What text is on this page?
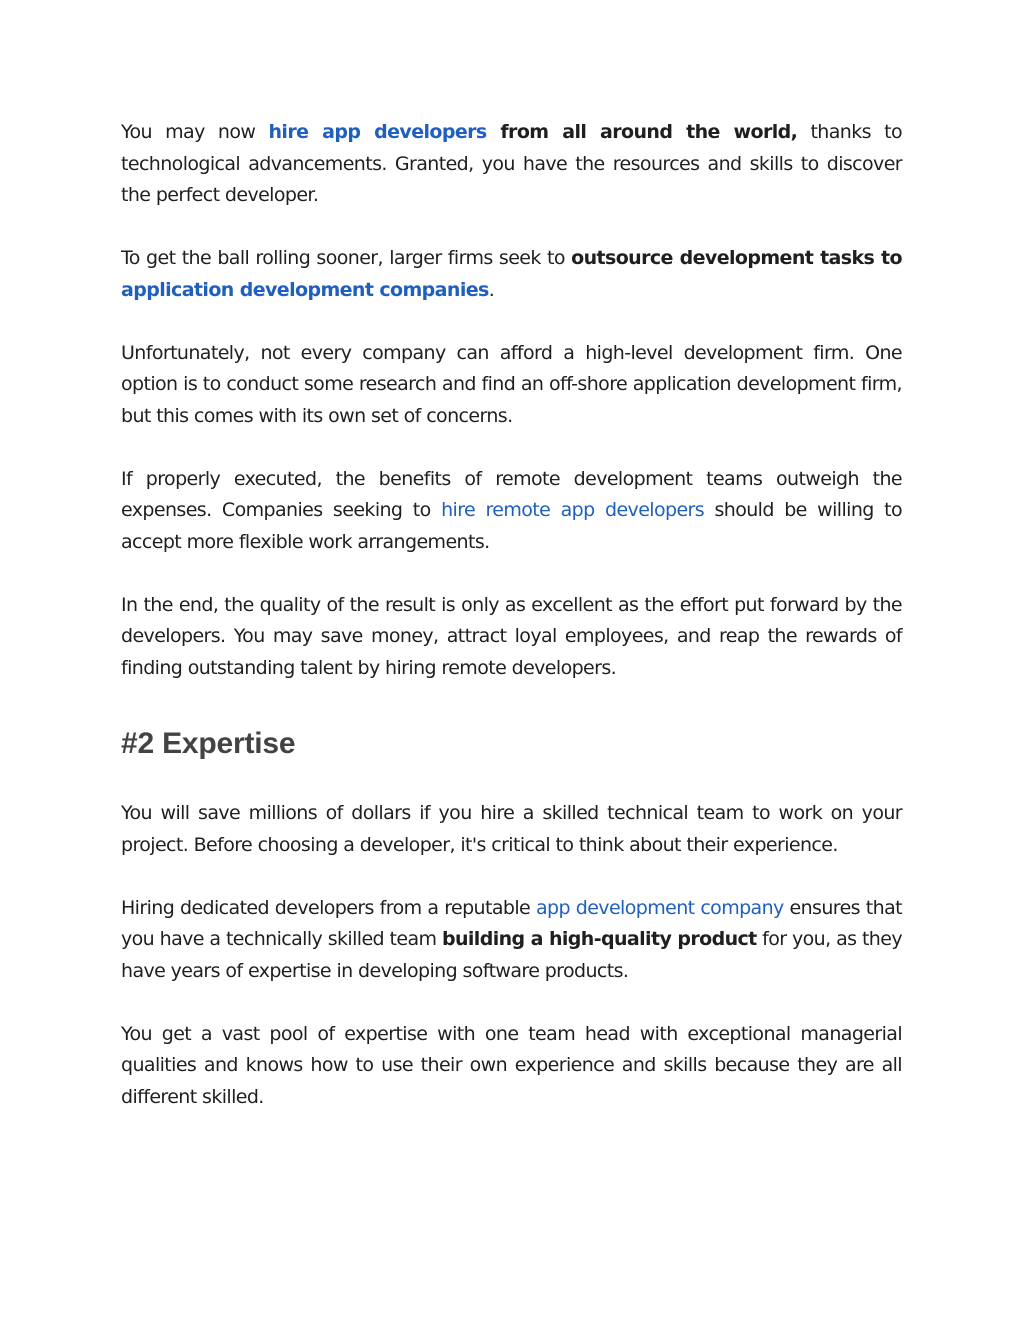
You may now hire app developers from all around the world, thanks to technological advancements. Granted, you have the resources and skills to discover the perfect developer.

To get the ball rolling sooner, larger firms seek to outsource development tasks to application development companies.

Unfortunately, not every company can afford a high-level development firm. One option is to conduct some research and find an off-shore application development firm, but this comes with its own set of concerns.

If properly executed, the benefits of remote development teams outweigh the expenses. Companies seeking to hire remote app developers should be willing to accept more flexible work arrangements.

In the end, the quality of the result is only as excellent as the effort put forward by the developers. You may save money, attract loyal employees, and reap the rewards of finding outstanding talent by hiring remote developers.

#2 Expertise

You will save millions of dollars if you hire a skilled technical team to work on your project. Before choosing a developer, it's critical to think about their experience.

Hiring dedicated developers from a reputable app development company ensures that you have a technically skilled team building a high-quality product for you, as they have years of expertise in developing software products.

You get a vast pool of expertise with one team head with exceptional managerial qualities and knows how to use their own experience and skills because they are all different skilled.
